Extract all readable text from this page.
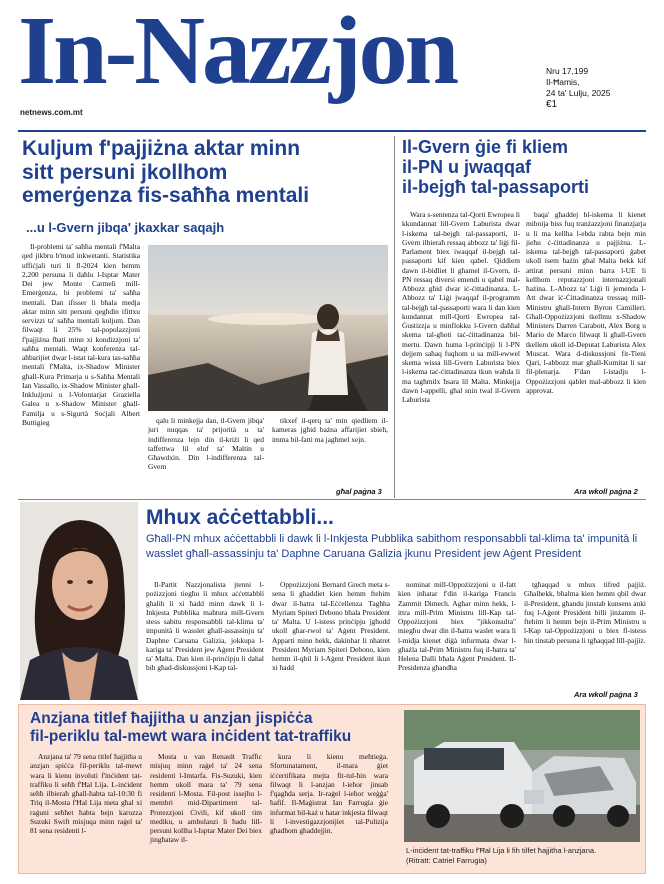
In-Nazzjon
netnews.com.mt
Nru 17,199
Il-Ħamis,
24 ta' Lulju, 2025
€1
Kuljum f'pajjiżna aktar minn
sitt persuni jkollhom
emerġenza fis-saħħa mentali
...u l-Gvern jibqa' jkaxkar saqajh
Il-problemi ta' saħħa mentali f'Malta qed jikbru b'mod inkwetanti. Statistika uffiċjali turi li fl-2024 kien hemm 2,200 persuna li daħlu l-Isptar Mater Dei jew Monte Carmeli mill-Emerġenza, bi problemi ta' saħħa mentali. Dan ifisser li bħala medja aktar minn sitt persuni qegħdin ifittxu servizzi ta' saħħa mentali kuljum. Dan filwaqt li 25% tal-popolazzjoni f'pajjiżna fbati minn xi kondizzjoni ta' saħħa mentali. Waqt konferenza tal-aħbarijiet dwar l-istat tal-kura tas-saħħa mentali f'Malta, ix-Shadow Minister għall-Kura Primarja u s-Saħħa Mentali Ian Vassallo, ix-Shadow Minister għall-Inklużjoni u l-Volontarjat Graziella Galea u x-Shadow Minister għall-Familja u s-Sigurtà Soċjali Albert Buttigieg	qalu li minkejja dan, il-Gvern jibqa' juri nuqqas ta' prijorità u ta' indifferenza lejn din il-kriżi li qed taffettwa lil eluf ta' Maltin u Għawdxin. Din l-indifferenza tal-Gvern
tikxef il-qerq ta' min qiedliem il-kameras jgħid bażna affarijiet sbieħ, imma bil-fatti ma jagħmel xejn.
għal paġna 3
Il-Gvern ġie fi kliem
il-PN u jwaqqaf
il-bejgħ tal-passaporti
Wara s-sentenza tal-Qorti Ewropea li kkundannat lill-Gvern Laburista dwar l-iskema tal-bejgħ tal-passaporti, il-Gvern ilbieraħ ressaq abbozz ta' liġi fil-Parlament biex iwaqqaf il-bejgħ tal-passaporti kif kien qabel. Qiddiem dawn il-bidliet li għamel il-Gvern, il-PN ressaq diversi emendi u qabel mal-Abbozz għid dwar iċ-ċittadinanza. L-Abbozz ta' Liġi jwaqqaf il-programm tal-bejgħ tal-passaporti wara li dan kien kundannat mill-Qorti Ewropea tal-Ġustizzja u minflokku l-Gvern daħħal skema tal-għoti taċ-ċittadinanza bil-mertu. Dawn huma l-prinċipji li l-PN dejjem saħaq fuqhom u sa mill-ewwel skema wissa lill-Gvern Laburista biex l-iskema taċ-ċittadinanza tkun waħda li ma tagħmilx ħsara lil Malta. Minkejja dawn l-appelli, għal snin twal il-Gvern Laburista
baqa' għaddej bl-iskema li kienet mibnija biss fuq tranżazzjoni finanzjarja u li ma kellha l-ebda rabta bejn min jieħu ċ-ċittadinanza u pajjiżna. L-iskema tal-bejgħ tal-passaporti ġabet ukoll isem ħażin għal Malta hekk kif attirat persuni minn barra l-UE li kellhom reputazzjoni internazzjonali ħażina. L-Abozz ta' Liġi li jemenda l-Att dwar iċ-Ċittadinanza tressaq mill-Ministru għall-Intern Byron Camilleri. Għall-Oppożizzjoni tkellmu x-Shadow Ministers Darren Carabott, Alex Borg u Mario de Marco filwaqt li għall-Gvern tkellem ukoll id-Deputat Laburista Alex Muscat. Wara d-diskussjoni fit-Tieni Qari, l-abbozz mar għall-Kumitat li sar fil-plenarja. F'dan l-istadju l-Oppożizzjoni qablet mal-abbozz li kien approvat.
Ara wkoll paġna 2
Mhux aċċettabbli...
Għall-PN mhux aċċettabbli li dawk li l-Inkjesta Pubblika sabithom responsabbli tal-klima ta' impunità li wasslet għall-assassinju ta' Daphne Caruana Galizia jkunu President jew Aġent President
Il-Partit Nazzjonalista jtenni l-pożizzjoni tiegħu li mhux aċċettabbli għalih li xi ħadd minn dawk li l-Inkjesta Pubblika maħtura mill-Gvern stess sabitu responsabbli tal-klima ta' impunità li wasslet għall-assassinju ta' Daphne Caruana Galizia, jokkupa l-kariga ta' President jew Aġent President ta' Malta. Dan kien il-prinċipju li dahal bih għad-diskussjoni l-Kap tal-
Oppożizzjoni Bernard Grech meta s-sena li għaddiet kien hemm ftehim dwar il-ħatra tal-Eċċellenza Tagħha Myriam Spiteri Debono bħala President ta' Malta. U l-istess prinċipju jgħodd ukoll għar-rwol ta' Aġent President. Apparti minn hekk, dakinhar li nħatret President Myriam Spiteri Debono, kien hemm il-qbil li l-Aġent President ikun xi ħadd
nominat mill-Oppożizzjoni u il-fatt kien inħatar f'din il-kariga Francis Zammit Dimech. Agħar minn hekk, l-ittra mill-Prim Ministru lill-Kap tal-Oppożizzjoni biex "jikkonsulta" miegħu dwar din il-ħatra waslet wara li l-midja kienet diġà infurmata dwar l-għażla tal-Prim Ministru fuq il-ħatra ta' Helena Dalli bħala Aġent President. Il-Presidenza għandha
tgħaqqad u mhux tifred pajjiż. Għalhekk, bħalma kien hemm qbil dwar il-President, għandu jinstab kunsens anki fuq l-Aġent President billi jinżamm il-ftehim li hemm bejn il-Prim Ministru u l-Kap tal-Oppożizzjoni u biex fl-istess ħin tinstab persuna li tgħaqqad lill-pajjiż.
Ara wkoll paġna 3
Anzjana titlef ħajjitha u anzjan jispiċċa
fil-periklu tal-mewt wara inċident tat-traffiku
Anzjana ta' 79 sena titlef ħajjitha u anzjan spiċċa fil-periklu tal-mewt wara li kienu involuti f'inċident tat-traffiku li seħħ f'Ħal Lija. L-inċident seħħ ilbieraħ għall-ħabta tal-10:30 fi Triq il-Mosta f'Ħal Lija meta għal xi raġuni seħħet ħabta bejn karozza Suzuki Swift misjuqa minn raġel ta' 81 sena residenti l-
Mosta u van Renault Traffic misjuq minn raġel ta' 24 sena residenti l-Imtarfa. Fis-Suzuki, kien hemm ukoll mara ta' 79 sena residenti l-Mosta. Fil-post issejħu l-membri mid-Dipartiment tal-Protezzjoni Ċivili, kif ukoll tim mediku, u ambulanzi li ħadu lill-persuni kollha l-Isptar Mater Dei biex jingħataw il-
kura li kienu meħtieġa. Sfortunatament, il-mara ġiet iċċertifikata mejta fit-tul-ħin wara filwaqt li l-anzjan l-ieħor jinsab f'qagħda serja. Ir-raġel l-ieħor weġġa' ħafif. Il-Maġistrat Ian Farrugia ġie infurmat bil-każ u hatar inkjesta filwaqt li l-investigazzjonijiet tal-Pulizija għadhom għaddejjin.
L-inċident tat-traffiku f'Ħal Lija li fih tilfet ħajjitha l-anzjana.
(Ritratt: Catriel Farrugia)
